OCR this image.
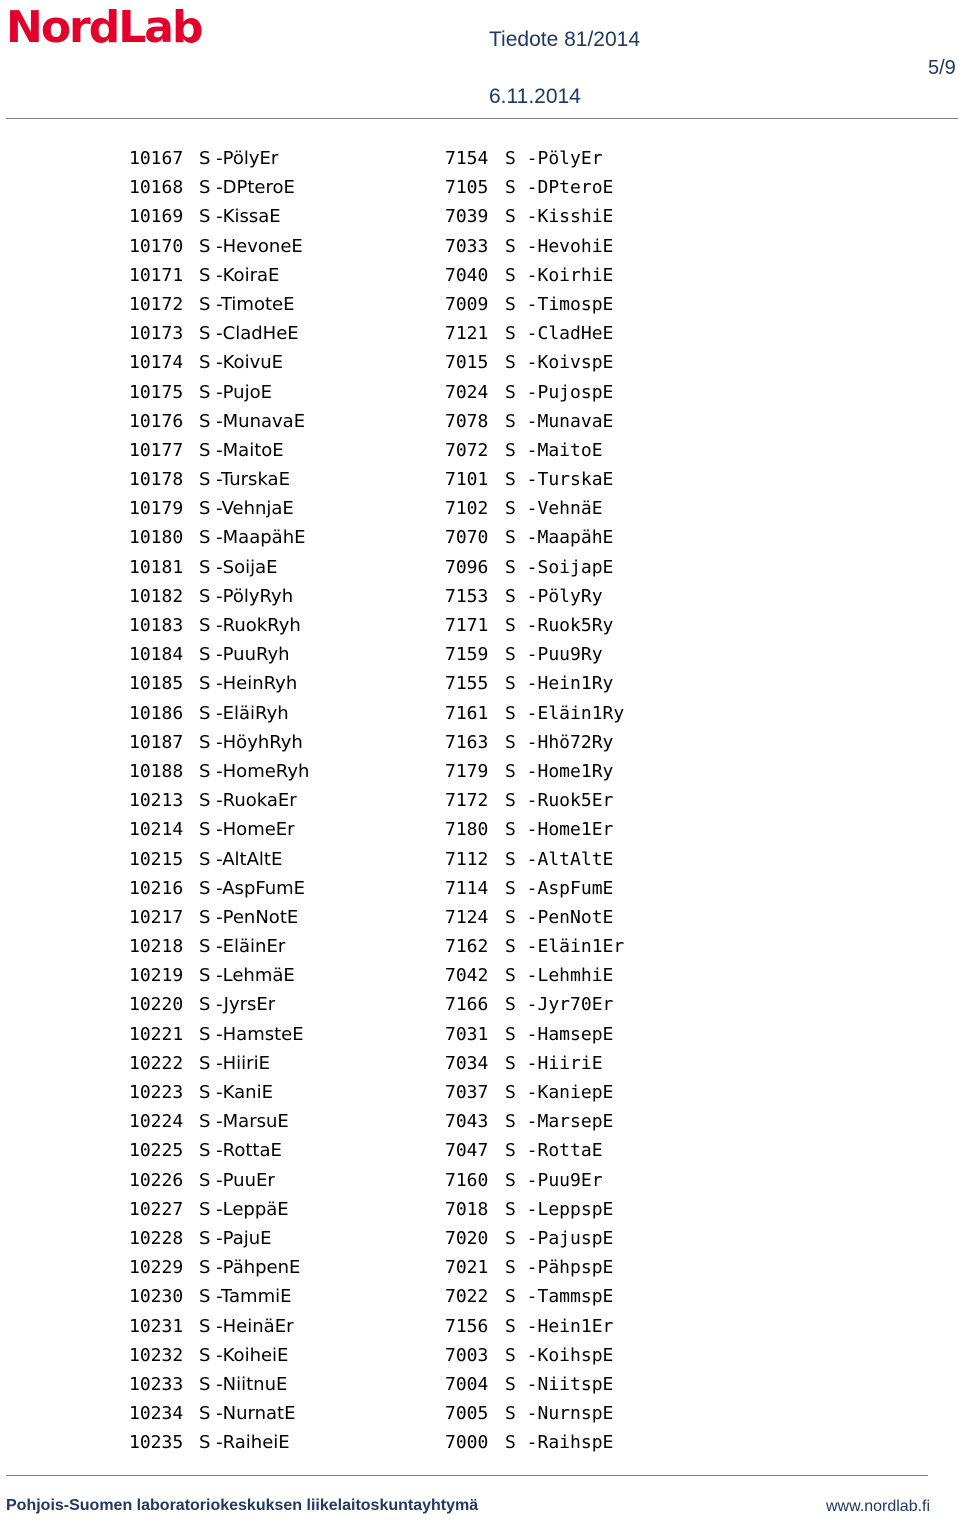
NordLab	Tiedote 81/2014
6.11.2014
5/9
10167 S -PölyEr	7154 S -PölyEr
10168 S -DPteroE	7105 S -DPteroE
10169 S -KissaE	7039 S -KisshiE
10170 S -HevoneE	7033 S -HevohiE
10171 S -KoiraE	7040 S -KoirhiE
10172 S -TimoteE	7009 S -TimospE
10173 S -CladHeE	7121 S -CladHeE
10174 S -KoivuE	7015 S -KoivspE
10175 S -PujoE	7024 S -PujospE
10176 S -MunavaE	7078 S -MunavaE
10177 S -MaitoE	7072 S -MaitoE
10178 S -TurskaE	7101 S -TurskaE
10179 S -VehnjaE	7102 S -VehnäE
10180 S -MaapähE	7070 S -MaapähE
10181 S -SoijaE	7096 S -SoijapE
10182 S -PölyRyh	7153 S -PölyRy
10183 S -RuokRyh	7171 S -Ruok5Ry
10184 S -PuuRyh	7159 S -Puu9Ry
10185 S -HeinRyh	7155 S -Hein1Ry
10186 S -EläiRyh	7161 S -Eläin1Ry
10187 S -HöyhRyh	7163 S -Hhö72Ry
10188 S -HomeRyh	7179 S -Home1Ry
10213 S -RuokaEr	7172 S -Ruok5Er
10214 S -HomeEr	7180 S -Home1Er
10215 S -AltAltE	7112 S -AltAltE
10216 S -AspFumE	7114 S -AspFumE
10217 S -PenNotE	7124 S -PenNotE
10218 S -EläinEr	7162 S -Eläin1Er
10219 S -LehmäE	7042 S -LehmhiE
10220 S -JyrsEr	7166 S -Jyr70Er
10221 S -HamsteE	7031 S -HamsepE
10222 S -HiiriE	7034 S -HiiriE
10223 S -KaniE	7037 S -KaniepE
10224 S -MarsuE	7043 S -MarsepE
10225 S -RottaE	7047 S -RottaE
10226 S -PuuEr	7160 S -Puu9Er
10227 S -LeppäE	7018 S -LeppspE
10228 S -PajuE	7020 S -PajuspE
10229 S -PähpenE	7021 S -PähpspE
10230 S -TammiE	7022 S -TammspE
10231 S -HeinäEr	7156 S -Hein1Er
10232 S -KoiheiE	7003 S -KoihspE
10233 S -NiitnuE	7004 S -NiitspE
10234 S -NurnatE	7005 S -NurnspE
10235 S -RaiheiE	7000 S -RaihspE
Pohjois-Suomen laboratoriokeskuksen liikelaitoskuntayhtymä	www.nordlab.fi
